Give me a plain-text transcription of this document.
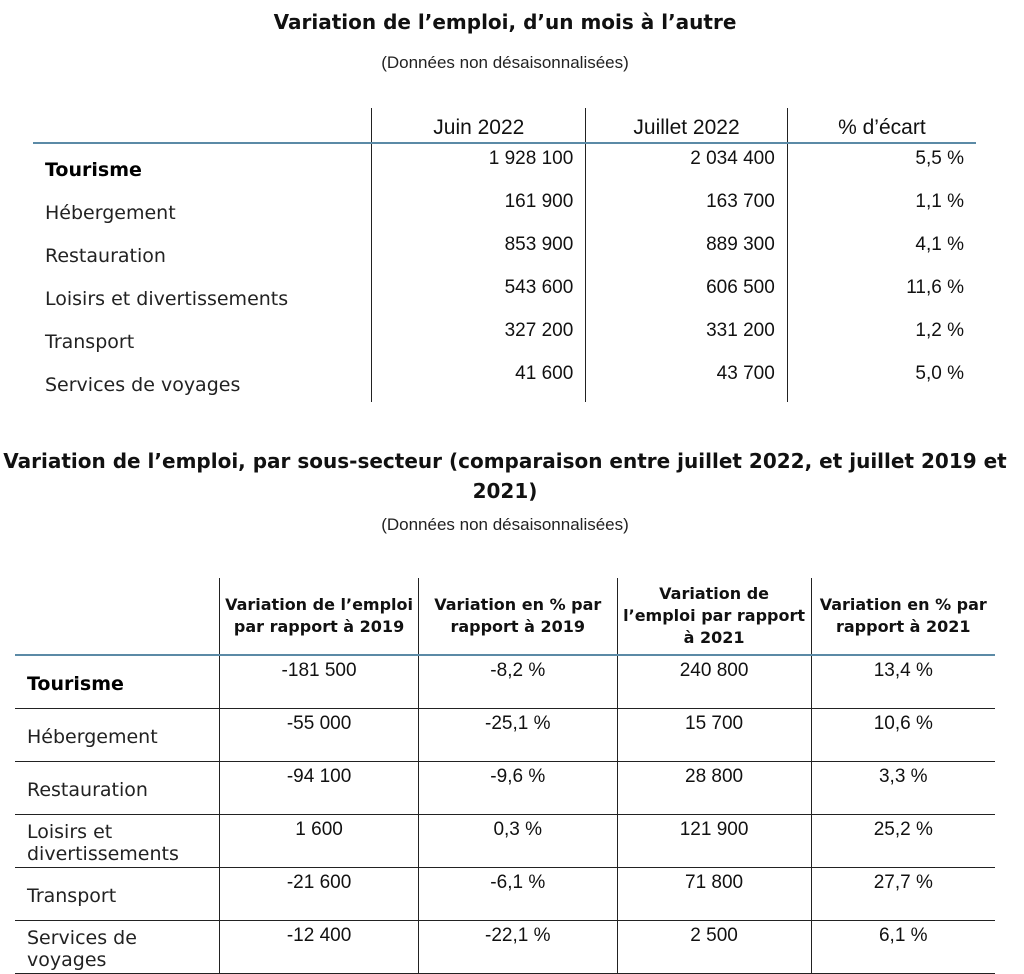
Variation de l’emploi, d’un mois à l’autre
(Données non désaisonnalisées)
	Juin 2022	Juillet 2022	% d’écart
Tourisme	1 928 100	2 034 400	5,5 %
Hébergement	161 900	163 700	1,1 %
Restauration	853 900	889 300	4,1 %
Loisirs et divertissements	543 600	606 500	11,6 %
Transport	327 200	331 200	1,2 %
Services de voyages	41 600	43 700	5,0 %
Variation de l’emploi, par sous-secteur (comparaison entre juillet 2022, et juillet 2019 et 2021)
(Données non désaisonnalisées)
	Variation de l’emploi par rapport à 2019	Variation en % par rapport à 2019	Variation de l’emploi par rapport à 2021	Variation en % par rapport à 2021
Tourisme	-181 500	-8,2 %	240 800	13,4 %
Hébergement	-55 000	-25,1 %	15 700	10,6 %
Restauration	-94 100	-9,6 %	28 800	3,3 %
Loisirs et divertissements	1 600	0,3 %	121 900	25,2 %
Transport	-21 600	-6,1 %	71 800	27,7 %
Services de voyages	-12 400	-22,1 %	2 500	6,1 %
